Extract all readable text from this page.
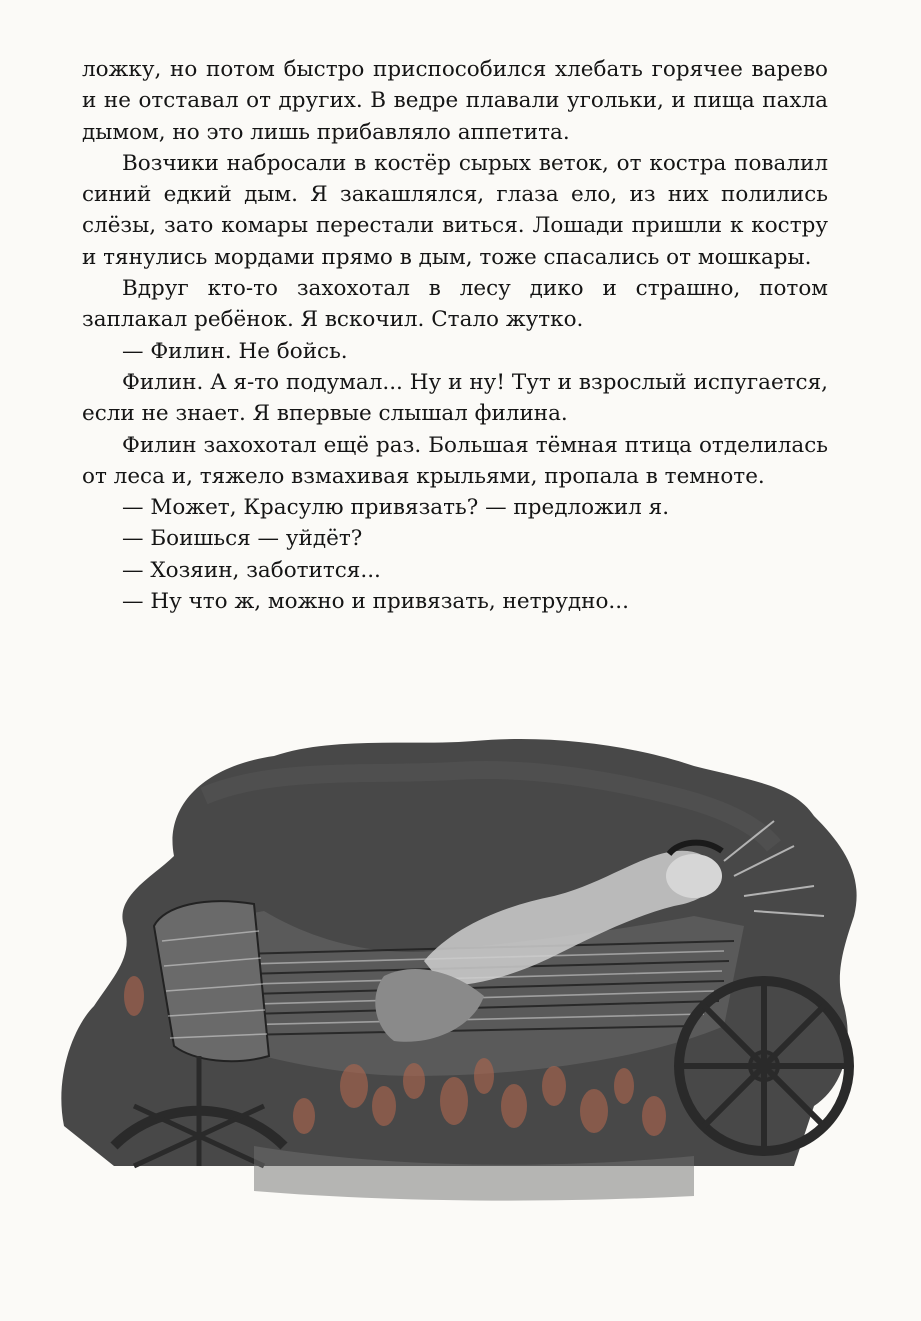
ложку, но потом быстро приспособился хлебать горячее варево и не отставал от других. В ведре плавали угольки, и пища пахла дымом, но это лишь прибавляло аппетита.

Возчики набросали в костёр сырых веток, от костра повалил синий едкий дым. Я закашлялся, глаза ело, из них полились слёзы, зато комары перестали виться. Лошади пришли к костру и тянулись мордами прямо в дым, тоже спасались от мошкары.

Вдруг кто-то захохотал в лесу дико и страшно, потом заплакал ребёнок. Я вскочил. Стало жутко.

— Филин. Не бойсь.

Филин. А я-то подумал... Ну и ну! Тут и взрослый испугается, если не знает. Я впервые слышал филина.

Филин захохотал ещё раз. Большая тёмная птица отделилась от леса и, тяжело взмахивая крыльями, пропала в темноте.

— Может, Красулю привязать? — предложил я.

— Боишься — уйдёт?

— Хозяин, заботится...

— Ну что ж, можно и привязать, нетрудно...
